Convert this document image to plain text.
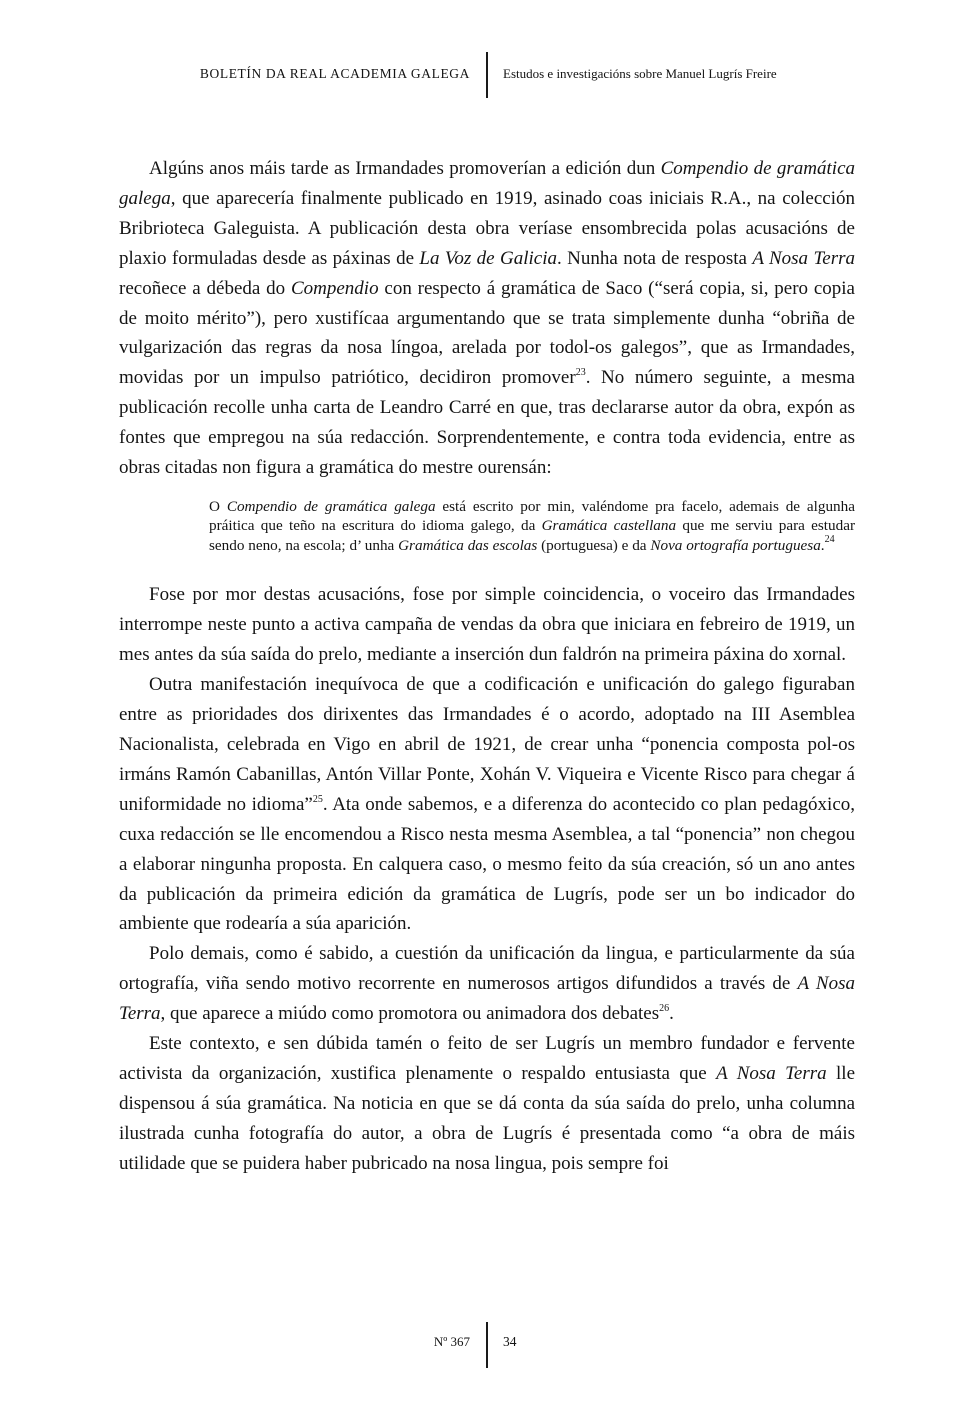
BOLETÍN DA REAL ACADEMIA GALEGA	Estudos e investigacións sobre Manuel Lugrís Freire

Algúns anos máis tarde as Irmandades promoverían a edición dun Compendio de gramática galega, que aparecería finalmente publicado en 1919, asinado coas iniciais R.A., na colección Bribrioteca Galeguista. A publicación desta obra veríase ensombrecida polas acusacións de plaxio formuladas desde as páxinas de La Voz de Galicia. Nunha nota de resposta A Nosa Terra recoñece a débeda do Compendio con respecto á gramática de Saco (“será copia, si, pero copia de moito mérito”), pero xustifícaa argumentando que se trata simplemente dunha “obriña de vulgarización das regras da nosa língoa, arelada por todol-os galegos”, que as Irmandades, movidas por un impulso patriótico, decidiron promover$^{23}$. No número seguinte, a mesma publicación recolle unha carta de Leandro Carré en que, tras declararse autor da obra, expón as fontes que empregou na súa redacción. Sorprendentemente, e contra toda evidencia, entre as obras citadas non figura a gramática do mestre ourensán:

O Compendio de gramática galega está escrito por min, valéndome pra facelo, ademais de algunha práitica que teño na escritura do idioma galego, da Gramática castellana que me serviu para estudar sendo neno, na escola; d’ unha Gramática das escolas (portuguesa) e da Nova ortografía portuguesa.$^{24}$

Fose por mor destas acusacións, fose por simple coincidencia, o voceiro das Irmandades interrompe neste punto a activa campaña de vendas da obra que iniciara en febreiro de 1919, un mes antes da súa saída do prelo, mediante a inserción dun faldrón na primeira páxina do xornal.

Outra manifestación inequívoca de que a codificación e unificación do galego figuraban entre as prioridades dos dirixentes das Irmandades é o acordo, adoptado na III Asemblea Nacionalista, celebrada en Vigo en abril de 1921, de crear unha “ponencia composta pol-os irmáns Ramón Cabanillas, Antón Villar Ponte, Xohán V. Viqueira e Vicente Risco para chegar á uniformidade no idioma”$^{25}$. Ata onde sabemos, e a diferenza do acontecido co plan pedagóxico, cuxa redacción se lle encomendou a Risco nesta mesma Asemblea, a tal “ponencia” non chegou a elaborar ningunha proposta. En calquera caso, o mesmo feito da súa creación, só un ano antes da publicación da primeira edición da gramática de Lugrís, pode ser un bo indicador do ambiente que rodearía a súa aparición.

Polo demais, como é sabido, a cuestión da unificación da lingua, e particularmente da súa ortografía, viña sendo motivo recorrente en numerosos artigos difundidos a través de A Nosa Terra, que aparece a miúdo como promotora ou animadora dos debates$^{26}$.

Este contexto, e sen dúbida tamén o feito de ser Lugrís un membro fundador e fervente activista da organización, xustifica plenamente o respaldo entusiasta que A Nosa Terra lle dispensou á súa gramática. Na noticia en que se dá conta da súa saída do prelo, unha columna ilustrada cunha fotografía do autor, a obra de Lugrís é presentada como “a obra de máis utilidade que se puidera haber pubricado na nosa lingua, pois sempre foi

Nº 367 34
